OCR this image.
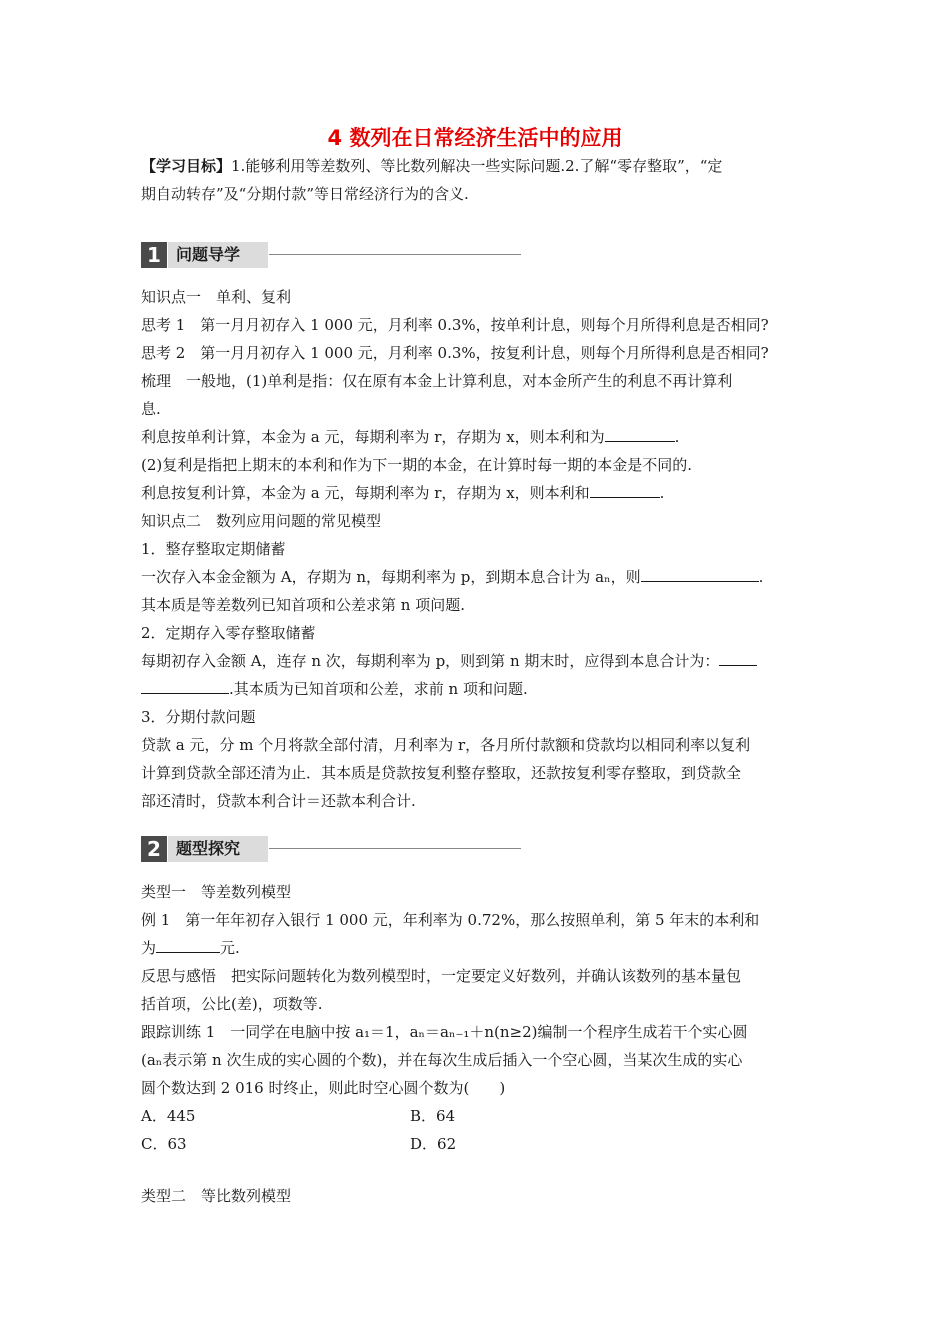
4 数列在日常经济生活中的应用
【学习目标】1.能够利用等差数列、等比数列解决一些实际问题.2.了解“零存整取”，“定
期自动转存”及“分期付款”等日常经济行为的含义.
1 问题导学
知识点一　单利、复利
思考 1　第一月月初存入 1 000 元，月利率 0.3%，按单利计息，则每个月所得利息是否相同?
思考 2　第一月月初存入 1 000 元，月利率 0.3%，按复利计息，则每个月所得利息是否相同?
梳理　一般地，(1)单利是指：仅在原有本金上计算利息，对本金所产生的利息不再计算利
息.
利息按单利计算，本金为 a 元，每期利率为 r，存期为 x，则本利和为	.
(2)复利是指把上期末的本利和作为下一期的本金，在计算时每一期的本金是不同的.
利息按复利计算，本金为 a 元，每期利率为 r，存期为 x，则本利和	.
知识点二　数列应用问题的常见模型
1．整存整取定期储蓄
一次存入本金金额为 A，存期为 n，每期利率为 p，到期本息合计为 aₙ，则	.
其本质是等差数列已知首项和公差求第 n 项问题.
2．定期存入零存整取储蓄
每期初存入金额 A，连存 n 次，每期利率为 p，则到第 n 期末时，应得到本息合计为：
.其本质为已知首项和公差，求前 n 项和问题.
3．分期付款问题
贷款 a 元，分 m 个月将款全部付清，月利率为 r，各月所付款额和贷款均以相同利率以复利
计算到贷款全部还清为止．其本质是贷款按复利整存整取，还款按复利零存整取，到贷款全
部还清时，贷款本利合计＝还款本利合计.
2 题型探究
类型一　等差数列模型
例 1　第一年年初存入银行 1 000 元，年利率为 0.72%，那么按照单利，第 5 年末的本利和
为	元.
反思与感悟　把实际问题转化为数列模型时，一定要定义好数列，并确认该数列的基本量包
括首项，公比(差)，项数等.
跟踪训练 1　一同学在电脑中按 a₁＝1，aₙ＝aₙ₋₁＋n(n≥2)编制一个程序生成若干个实心圆
(aₙ表示第 n 次生成的实心圆的个数)，并在每次生成后插入一个空心圆，当某次生成的实心
圆个数达到 2 016 时终止，则此时空心圆个数为(　　)
A．445	B．64
C．63	D．62
类型二　等比数列模型
